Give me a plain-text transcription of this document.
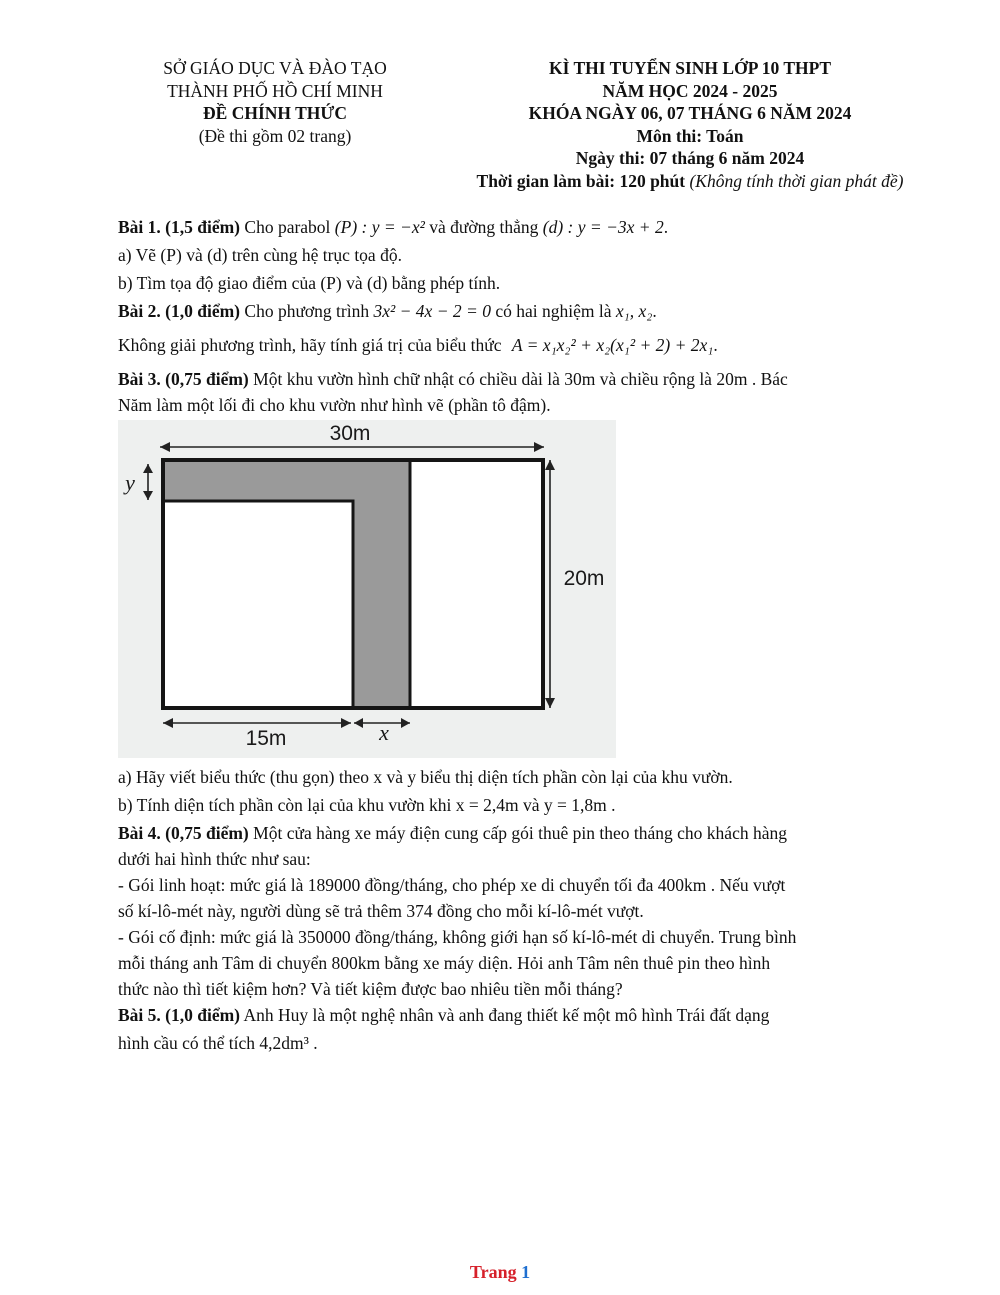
SỞ GIÁO DỤC VÀ ĐÀO TẠO
THÀNH PHỐ HỒ CHÍ MINH
ĐỀ CHÍNH THỨC
(Đề thi gồm 02 trang)
KÌ THI TUYỂN SINH LỚP 10 THPT
NĂM HỌC 2024 - 2025
KHÓA NGÀY 06, 07 THÁNG 6 NĂM 2024
Môn thi: Toán
Ngày thi: 07 tháng 6 năm 2024
Thời gian làm bài: 120 phút (Không tính thời gian phát đề)
Bài 1. (1,5 điểm) Cho parabol (P) : y = −x² và đường thẳng (d) : y = −3x + 2.
a) Vẽ (P) và (d) trên cùng hệ trục tọa độ.
b) Tìm tọa độ giao điểm của (P) và (d) bằng phép tính.
Bài 2. (1,0 điểm) Cho phương trình 3x² − 4x − 2 = 0 có hai nghiệm là x₁, x₂.
Không giải phương trình, hãy tính giá trị của biểu thức A = x₁x₂² + x₂(x₁² + 2) + 2x₁.
Bài 3. (0,75 điểm) Một khu vườn hình chữ nhật có chiều dài là 30m và chiều rộng là 20m . Bác
Năm làm một lối đi cho khu vườn như hình vẽ (phần tô đậm).
30m
20m
15m	x
y
a) Hãy viết biểu thức (thu gọn) theo x và y biểu thị diện tích phần còn lại của khu vườn.
b) Tính diện tích phần còn lại của khu vườn khi x = 2,4m và y = 1,8m .
Bài 4. (0,75 điểm) Một cửa hàng xe máy điện cung cấp gói thuê pin theo tháng cho khách hàng
dưới hai hình thức như sau:
- Gói linh hoạt: mức giá là 189000 đồng/tháng, cho phép xe di chuyển tối đa 400km . Nếu vượt
số kí-lô-mét này, người dùng sẽ trả thêm 374 đồng cho mỗi kí-lô-mét vượt.
- Gói cố định: mức giá là 350000 đồng/tháng, không giới hạn số kí-lô-mét di chuyển. Trung bình
mỗi tháng anh Tâm di chuyển 800km bằng xe máy diện. Hỏi anh Tâm nên thuê pin theo hình
thức nào thì tiết kiệm hơn? Và tiết kiệm được bao nhiêu tiền mỗi tháng?
Bài 5. (1,0 điểm) Anh Huy là một nghệ nhân và anh đang thiết kế một mô hình Trái đất dạng
hình cầu có thể tích 4,2dm³ .
Trang 1
